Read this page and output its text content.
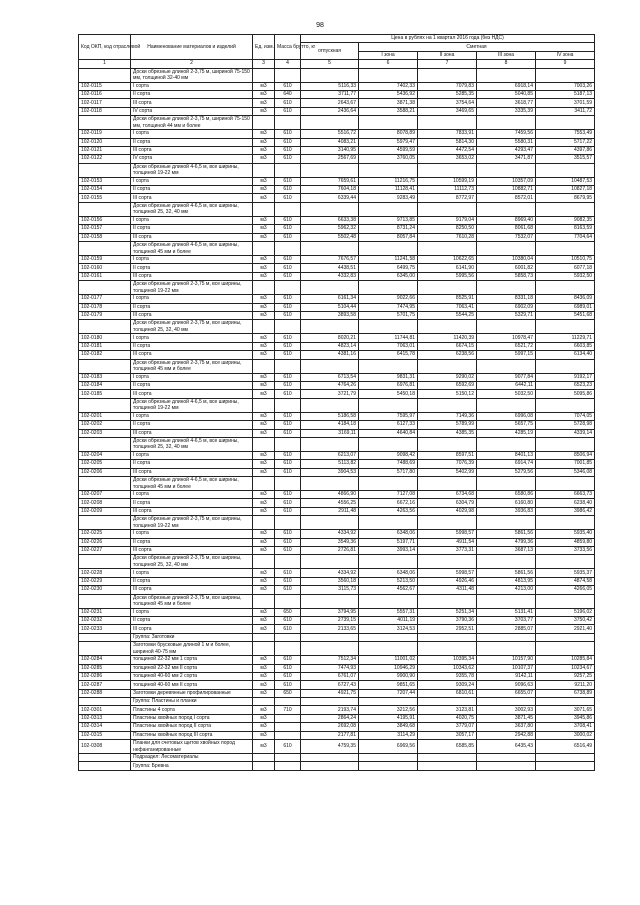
98
Код ОКП, код отраслевой	Наименование материалов и изделий	Ед. изм.	Масса брутто, кг	Цена в рублях на 1 квартал 2016 года (без НДС)				
				отпускная	Сметная			
					I зона	II зона	III зона	IV зона
1	2	3	4	5	6	7	8	9
	Доски обрезные длиной 2-3,75 м, шириной 75-150 мм, толщиной 32-40 мм							
102-0115	I сорта	м3	610	5116,33	7402,33	7079,83	6918,14	7003,26
102-0116	II сорта	м3	640	3711,77	5436,92	5285,35	5040,85	5187,13
102-0117	III сорта	м3	610	2643,67	3871,38	3754,64	3618,77	3701,59
102-0118	IV сорта	м3	610	2436,64	3588,21	3469,65	3335,39	3411,72
	Доски обрезные длиной 2-3,75 м, шириной 75-150 мм, толщиной 44 мм и более							
102-0119	I сорта	м3	610	5516,72	8078,89	7833,91	7459,56	7553,49
102-0120	II сорта	м3	610	4083,21	5979,47	5814,30	5580,31	5717,22
102-0121	III сорта	м3	610	3140,95	4599,59	4472,54	4293,47	4397,86
102-0122	IV сорта	м3	610	2567,69	3760,05	3653,02	3471,87	3515,57
	Доски обрезные длиной 4-6,5 м, все ширины, толщиной 19-22 мм							
102-0153	I сорта	м3	610	7659,61	11216,75	10599,19	10357,09	10487,53
102-0154	II сорта	м3	610	7604,18	11128,41	11112,73	10882,71	10827,18
102-0155	III сорта	м3	610	6339,44	9283,49	8772,97	8572,01	8679,95
	Доски обрезные длиной 4-6,5 м, все ширины, толщиной 25, 32, 40 мм							
102-0156	I сорта	м3	610	6633,38	9713,85	9179,04	8969,40	9082,35
102-0157	II сорта	м3	610	5962,32	8731,24	8250,50	8061,68	8163,59
102-0158	III сорта	м3	610	5502,48	8057,84	7610,28	7532,07	7704,64
	Доски обрезные длиной 4-6,5 м, все ширины, толщиной 45 мм и более							
102-0159	I сорта	м3	610	7676,57	11241,58	10622,65	10380,04	10510,75
102-0160	II сорта	м3	610	4438,51	6499,75	6141,90	6001,82	6077,18
102-0161	III сорта	м3	610	4332,83	6345,00	5995,56	5858,73	5932,50
	Доски обрезные длиной 2-3,75 м, все ширины, толщиной 19-22 мм							
102-0177	I сорта	м3	610	6161,34	9022,66	8525,91	8331,18	8436,09
102-0178	II сорта	м3	610	5104,44	7474,95	7063,41	6902,09	6989,01
102-0179	III сорта	м3	610	3893,58	5701,75	5544,25	5329,71	5451,68
	Доски обрезные длиной 2-3,75 м, все ширины, толщиной 25, 32, 40 мм							
102-0180	I сорта	м3	610	8020,21	11744,81	11420,39	10978,47	11229,71
102-0181	II сорта	м3	610	4823,14	7063,01	6674,15	6521,72	6603,85
102-0182	III сорта	м3	610	4381,16	6415,78	6238,56	5997,15	6134,40
	Доски обрезные длиной 2-3,75 м, все ширины, толщиной 45 мм и более							
102-0183	I сорта	м3	610	6713,54	9831,31	9290,02	9077,84	9192,17
102-0184	II сорта	м3	610	4764,26	6976,81	6592,69	6442,11	6523,23
102-0185	III сорта	м3	610	3721,79	5450,18	5150,12	5032,50	5095,86
	Доски обрезные длиной 4-6,5 м, все ширины, толщиной 19-22 мм							
102-0201	I сорта	м3	610	5186,58	7595,97	7149,36	6996,08	7074,05
102-0202	II сорта	м3	610	4184,18	6127,33	5789,99	5657,75	5728,98
102-0203	III сорта	м3	610	3169,11	4640,84	4385,35	4285,19	4339,14
	Доски обрезные длиной 4-6,5 м, все ширины, толщиной 25, 32, 40 мм							
102-0204	I сорта	м3	610	6213,07	9098,42	8597,51	8401,13	8506,94
102-0205	II сорта	м3	610	5113,82	7488,69	7076,39	6914,74	7001,85
102-0206	III сорта	м3	610	3904,53	5717,80	5402,99	5279,56	5346,08
	Доски обрезные длиной 4-6,5 м, все ширины, толщиной 45 мм и более							
102-0207	I сорта	м3	610	4866,90	7127,08	6734,68	6580,86	6663,73
102-0208	II сорта	м3	610	4556,25	6672,16	6304,79	6160,80	6238,40
102-0209	III сорта	м3	610	2911,48	4263,56	4029,98	3936,83	3986,42
	Доски обрезные длиной 2-3,75 м, все ширины, толщиной 19-22 мм							
102-0225	I сорта	м3	610	4334,92	6348,06	5998,57	5861,56	5935,40
102-0226	II сорта	м3	610	3549,36	5197,71	4911,54	4799,36	4859,80
102-0227	III сорта	м3	610	2726,81	3993,14	3773,31	3687,13	3733,56
	Доски обрезные длиной 2-3,75 м, все ширины, толщиной 25, 32, 40 мм							
102-0228	I сорта	м3	610	4334,92	6348,06	5998,57	5861,56	5935,37
102-0229	II сорта	м3	610	3560,18	5213,50	4926,46	4813,95	4874,58
102-0230	III сорта	м3	610	3115,73	4562,67	4311,48	4213,00	4266,05
	Доски обрезные длиной 2-3,75 м, все ширины, толщиной 45 мм и более							
102-0231	I сорта	м3	650	3794,95	5557,31	5251,34	5131,41	5196,02
102-0232	II сорта	м3	610	2739,15	4011,19	3790,36	3703,77	3750,42
102-0233	III сорта	м3	610	2133,65	3124,53	2952,51	2885,07	2921,40
	Группа: Заготовки							
	Заготовки брусковые длиной 1 м и более, шириной 40-75 мм							
102-0284	толщиной 22-32 мм 1 сорта	м3	610	7512,34	11001,02	10395,34	10157,90	10285,84
102-0285	толщиной 22-32 мм II сорта	м3	610	7474,93	10946,29	10343,62	10107,37	10234,67
102-0286	толщиной 40-60 мм 2 сорта	м3	610	6761,07	9900,90	9355,78	9142,11	9257,25
102-0287	толщиной 40-60 мм II сорта	м3	610	6727,43	9851,65	9309,24	9096,63	9211,20
102-0288	Заготовки деревянные профилированные	м3	650	4921,75	7207,44	6810,61	6655,07	6738,89
	Группа: Пластины и планки							
102-0301	Пластины 4 сорта	м3	710	2193,74	3212,56	3123,81	3002,93	3071,65
102-0313	Пластины хвойных пород I сорта	м3		2864,24	4195,91	4020,75	3871,45	3945,86
102-0314	Пластины хвойных пород II сорта	м3		2692,08	3849,68	3779,07	3637,80	3708,41
102-0315	Пластины хвойных пород III сорта	м3		2177,81	3114,29	3057,17	2942,88	3000,02
102-0308	Планки для счетовых щитов хвойных пород нефанганированные	м3	610	4759,35	6969,56	6585,85	6435,43	6516,49
	Подраздел: Лесоматериалы							
	Группа: Бревна							
